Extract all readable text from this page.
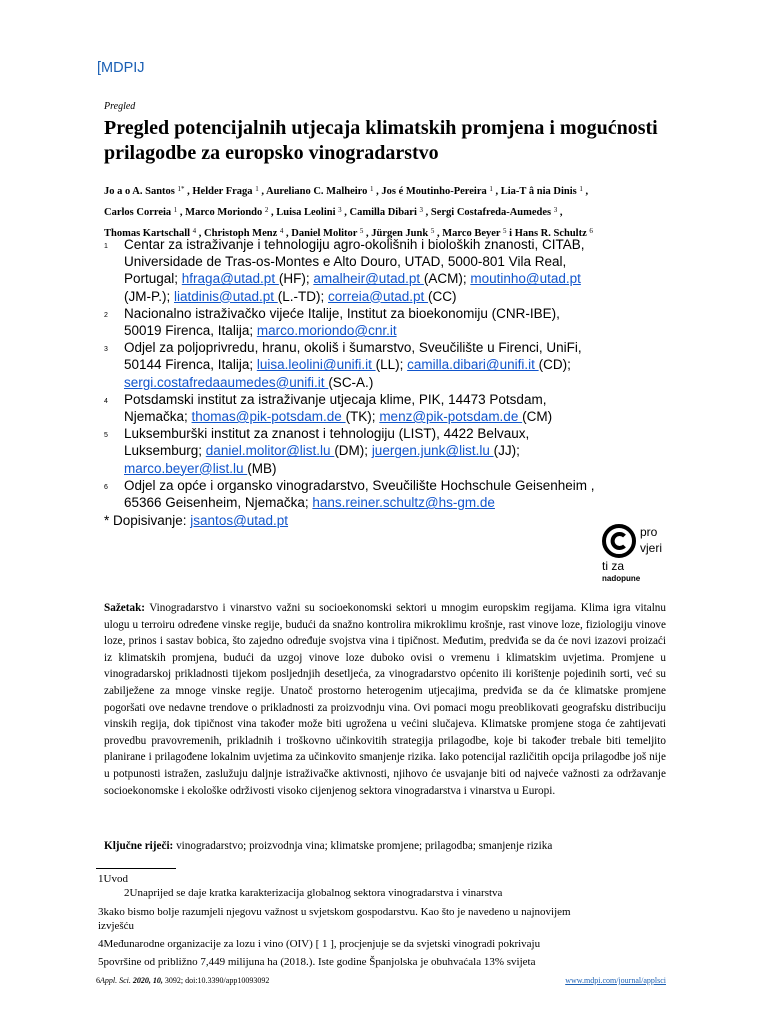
[MDPIJ
Pregled
Pregled potencijalnih utjecaja klimatskih promjena i mogućnosti prilagodbe za europsko vinogradarstvo
Jo a o A. Santos $^{1*}$ , Helder Fraga $^1$ , Aureliano C. Malheiro $^1$ , Jos é Moutinho-Pereira $^1$ , Lia-T â nia Dinis $^1$ ,
Carlos Correia $^1$ , Marco Moriondo $^2$ , Luisa Leolini $^3$ , Camilla Dibari $^3$ , Sergi Costafreda-Aumedes $^3$ ,
Thomas Kartschall $^4$ , Christoph Menz $^4$ , Daniel Molitor $^5$ , Jürgen Junk $^5$ , Marco Beyer $^5$ i Hans R. Schultz $^6$
1 Centar za istraživanje i tehnologiju agro-okolišnih i bioloških znanosti, CITAB,
Universidade de Tras-os-Montes e Alto Douro, UTAD, 5000-801 Vila Real,
Portugal; hfraga@utad.pt (HF); amalheir@utad.pt (ACM); moutinho@utad.pt
(JM-P.); liatdinis@utad.pt (L.-TD); correia@utad.pt (CC)
2 Nacionalno istraživačko vijeće Italije, Institut za bioekonomiju (CNR-IBE),
50019 Firenca, Italija; marco.moriondo@cnr.it
3 Odjel za poljoprivredu, hranu, okoliš i šumarstvo, Sveučilište u Firenci, UniFi,
50144 Firenca, Italija; luisa.leolini@unifi.it (LL); camilla.dibari@unifi.it (CD);
sergi.costafredaaumedes@unifi.it (SC-A.)
4 Potsdamski institut za istraživanje utjecaja klime, PIK, 14473 Potsdam,
Njemačka; thomas@pik-potsdam.de (TK); menz@pik-potsdam.de (CM)
5 Luksemburški institut za znanost i tehnologiju (LIST), 4422 Belvaux,
Luksemburg; daniel.molitor@list.lu (DM); juergen.junk@list.lu (JJ);
marco.beyer@list.lu (MB)
6 Odjel za opće i organsko vinogradarstvo, Sveučilište Hochschule Geisenheim ,
65366 Geisenheim, Njemačka; hans.reiner.schultz@hs-gm.de
* Dopisivanje: jsantos@utad.pt
pro
vjeri
ti za
nadopune
Sažetak: Vinogradarstvo i vinarstvo važni su socioekonomski sektori u mnogim europskim regijama. Klima igra vitalnu ulogu u terroiru određene vinske regije, budući da snažno kontrolira mikroklimu krošnje, rast vinove loze, fiziologiju vinove loze, prinos i sastav bobica, što zajedno određuje svojstva vina i tipičnost. Međutim, predviđa se da će novi izazovi proizaći iz klimatskih promjena, budući da uzgoj vinove loze duboko ovisi o vremenu i klimatskim uvjetima. Promjene u vinogradarskoj prikladnosti tijekom posljednjih desetljeća, za vinogradarstvo općenito ili korištenje pojedinih sorti, već su zabilježene za mnoge vinske regije. Unatoč prostorno heterogenim utjecajima, predviđa se da će klimatske promjene pogoršati ove nedavne trendove o prikladnosti za proizvodnju vina. Ovi pomaci mogu preoblikovati geografsku distribuciju vinskih regija, dok tipičnost vina također može biti ugrožena u većini slučajeva. Klimatske promjene stoga će zahtijevati provedbu pravovremenih, prikladnih i troškovno učinkovitih strategija prilagodbe, koje bi također trebale biti temeljito planirane i prilagođene lokalnim uvjetima za učinkovito smanjenje rizika. Iako potencijal različitih opcija prilagodbe još nije u potpunosti istražen, zaslužuju daljnje istraživačke aktivnosti, njihovo će usvajanje biti od najveće važnosti za održavanje socioekonomske i ekološke održivosti visoko cijenjenog sektora vinogradarstva i vinarstva u Europi.
Ključne riječi: vinogradarstvo; proizvodnja vina; klimatske promjene; prilagodba; smanjenje rizika
1Uvod
2Unaprijed se daje kratka karakterizacija globalnog sektora vinogradarstva i vinarstva
3kako bismo bolje razumjeli njegovu važnost u svjetskom gospodarstvu. Kao što je navedeno u najnovijem
izvješću
4Međunarodne organizacije za lozu i vino (OIV) [ 1 ], procjenjuje se da svjetski vinogradi pokrivaju
5površine od približno 7,449 milijuna ha (2018.). Iste godine Španjolska je obuhvaćala 13% svijeta
6Appl. Sci. 2020, 10, 3092; doi:10.3390/app10093092	www.mdpi.com/journal/applsci
